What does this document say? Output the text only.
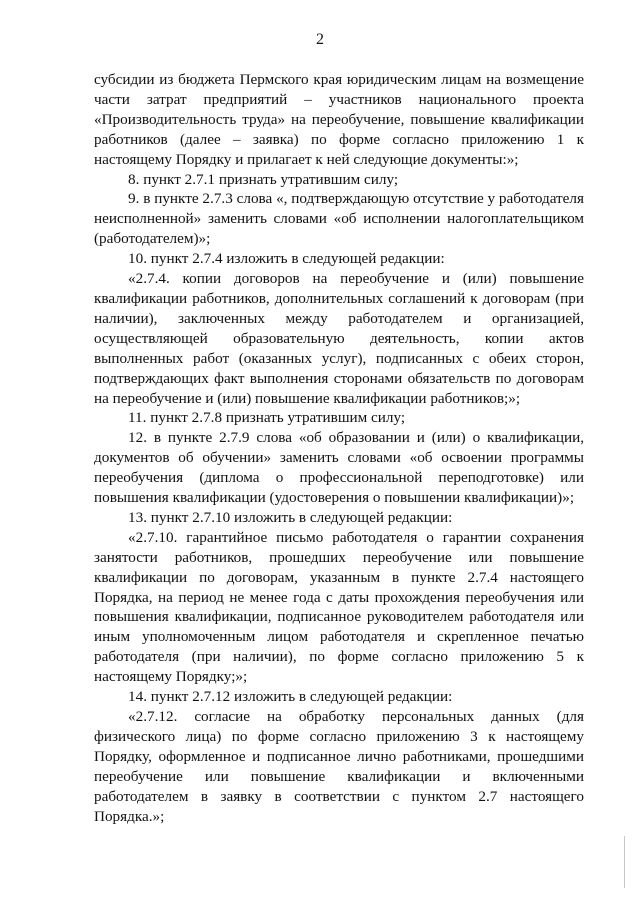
2

субсидии из бюджета Пермского края юридическим лицам на возмещение части затрат предприятий – участников национального проекта «Производительность труда» на переобучение, повышение квалификации работников (далее – заявка) по форме согласно приложению 1 к настоящему Порядку и прилагает к ней следующие документы:»;

8. пункт 2.7.1 признать утратившим силу;

9. в пункте 2.7.3 слова «, подтверждающую отсутствие у работодателя неисполненной» заменить словами «об исполнении налогоплательщиком (работодателем)»;

10. пункт 2.7.4 изложить в следующей редакции:

«2.7.4. копии договоров на переобучение и (или) повышение квалификации работников, дополнительных соглашений к договорам (при наличии), заключенных между работодателем и организацией, осуществляющей образовательную деятельность, копии актов выполненных работ (оказанных услуг), подписанных с обеих сторон, подтверждающих факт выполнения сторонами обязательств по договорам на переобучение и (или) повышение квалификации работников;»;

11. пункт 2.7.8 признать утратившим силу;

12. в пункте 2.7.9 слова «об образовании и (или) о квалификации, документов об обучении» заменить словами «об освоении программы переобучения (диплома о профессиональной переподготовке) или повышения квалификации (удостоверения о повышении квалификации)»;

13. пункт 2.7.10 изложить в следующей редакции:

«2.7.10. гарантийное письмо работодателя о гарантии сохранения занятости работников, прошедших переобучение или повышение квалификации по договорам, указанным в пункте 2.7.4 настоящего Порядка, на период не менее года с даты прохождения переобучения или повышения квалификации, подписанное руководителем работодателя или иным уполномоченным лицом работодателя и скрепленное печатью работодателя (при наличии), по форме согласно приложению 5 к настоящему Порядку;»;

14. пункт 2.7.12 изложить в следующей редакции:

«2.7.12. согласие на обработку персональных данных (для физического лица) по форме согласно приложению 3 к настоящему Порядку, оформленное и подписанное лично работниками, прошедшими переобучение или повышение квалификации и включенными работодателем в заявку в соответствии с пунктом 2.7 настоящего Порядка.»;
